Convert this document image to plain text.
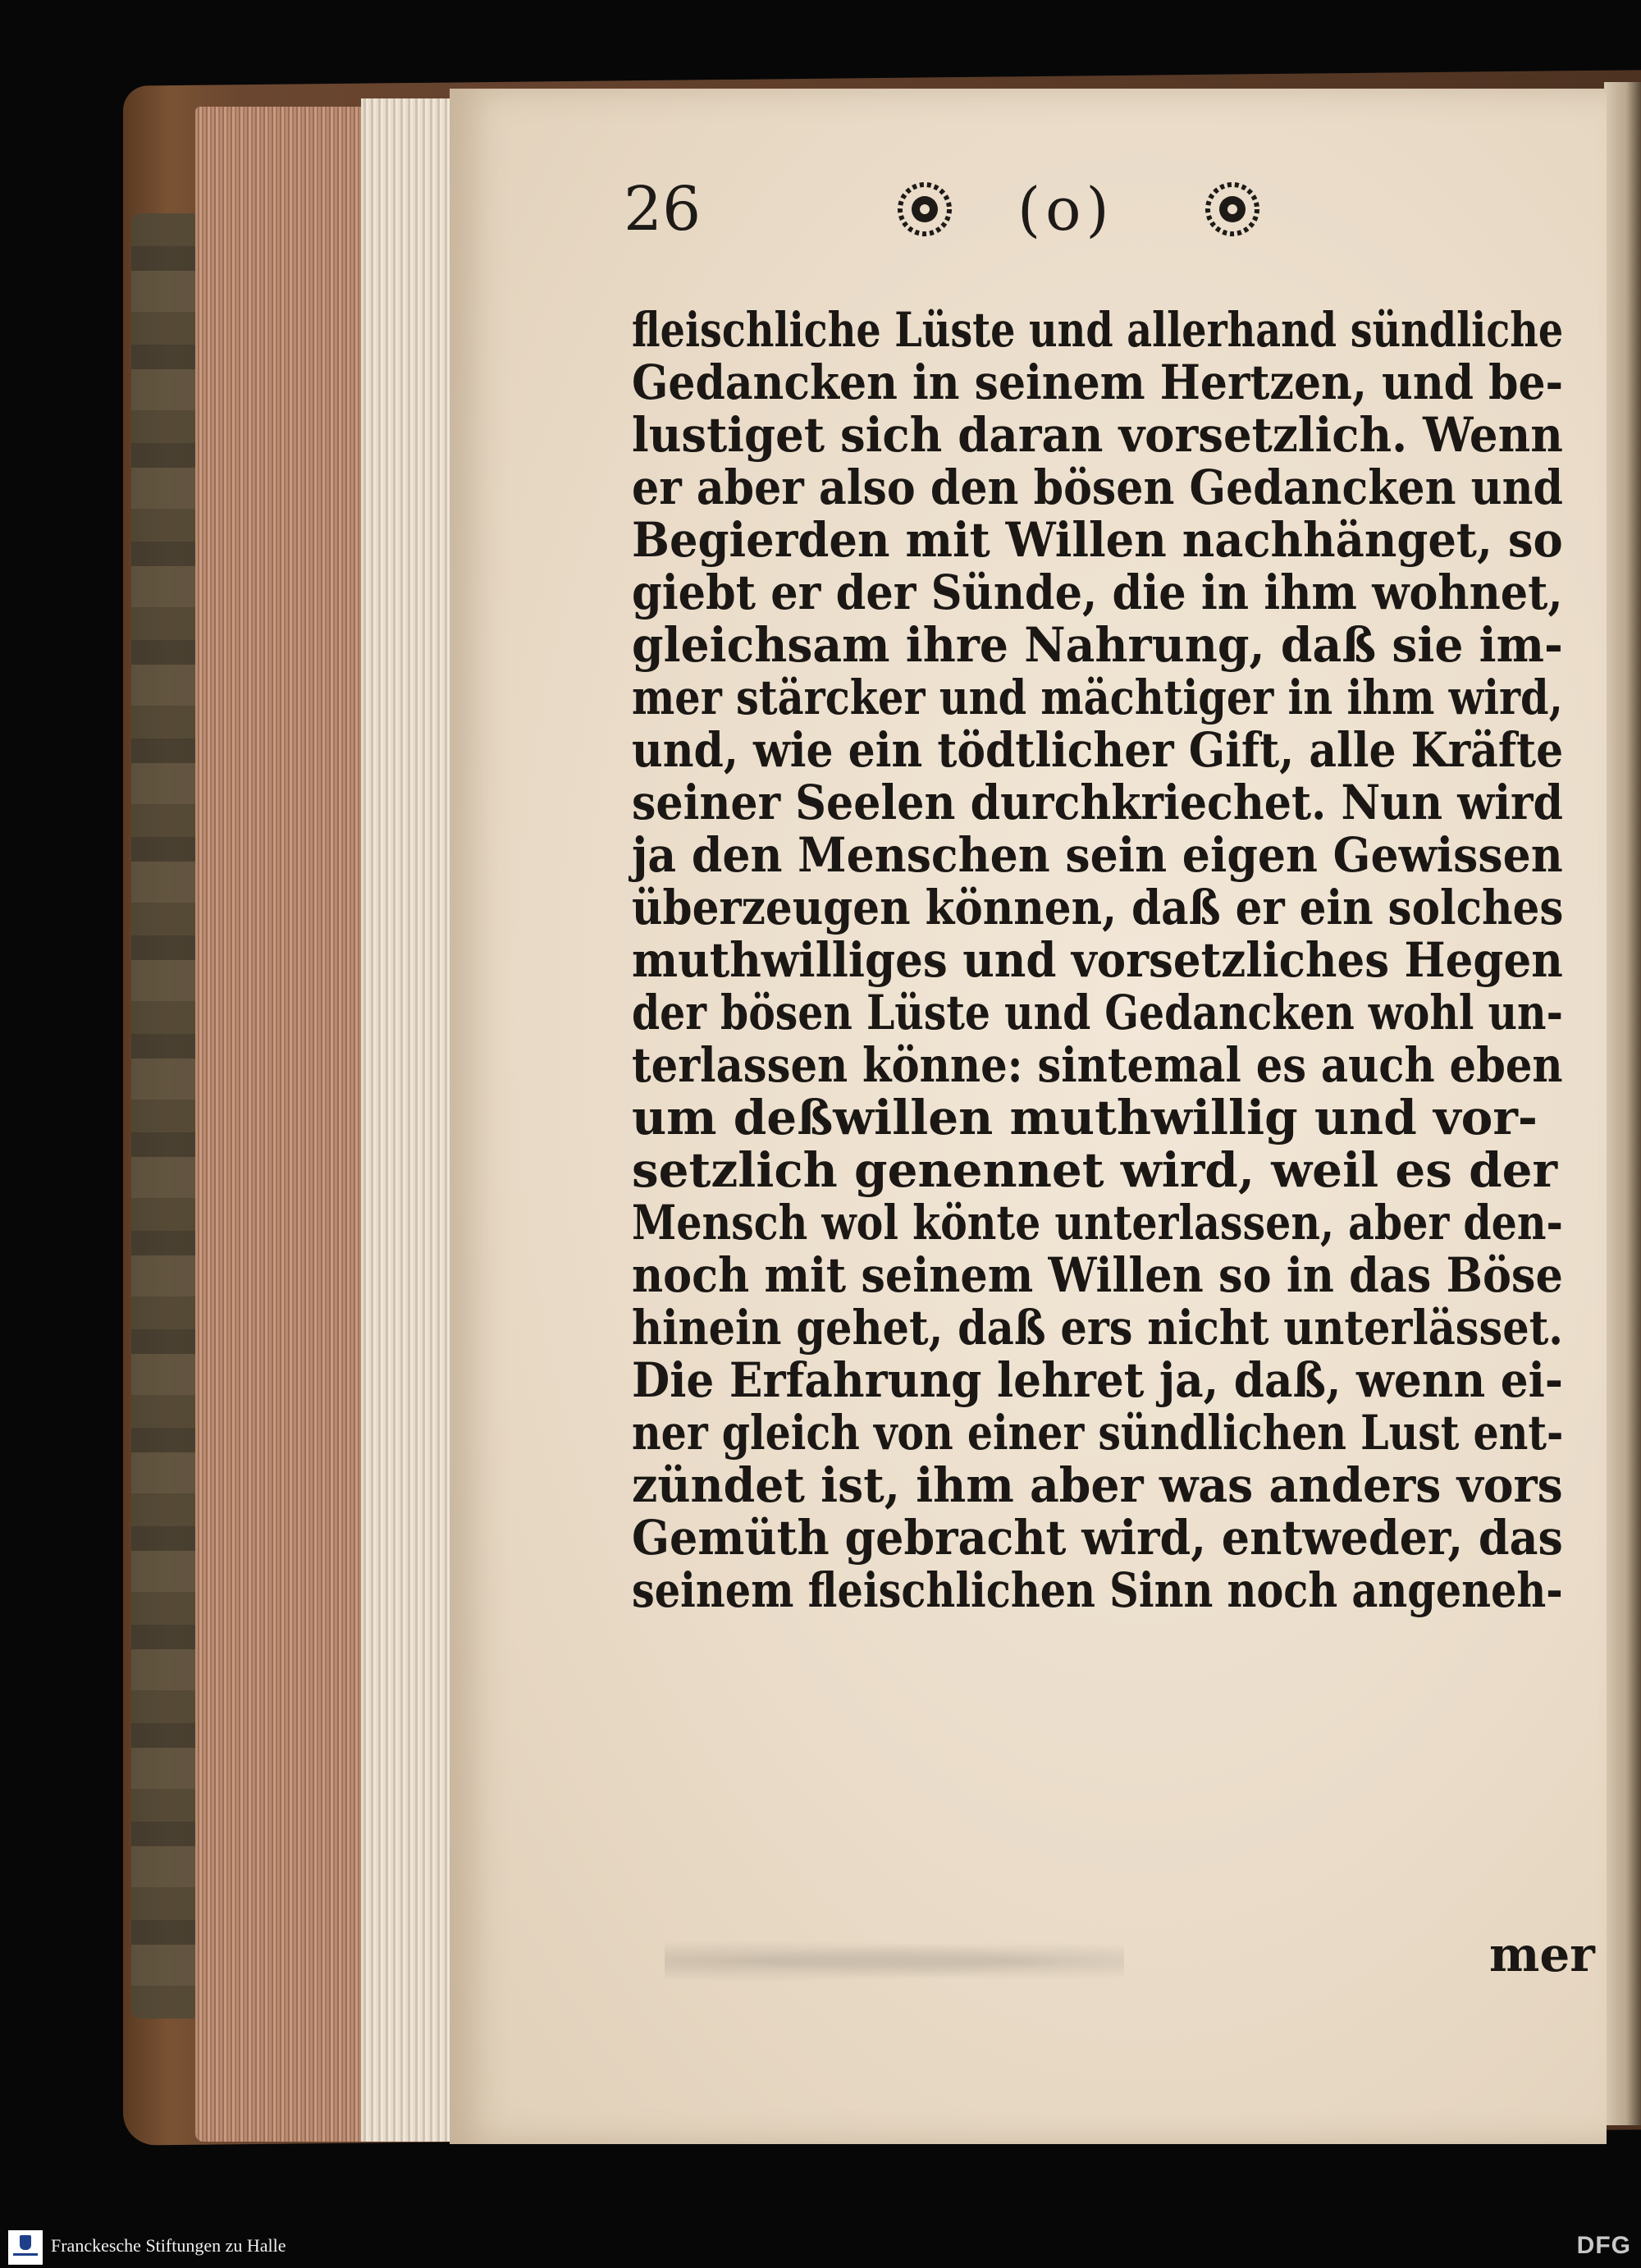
26	(o)
fleischliche Lüste und allerhand sündliche
Gedancken in seinem Hertzen, und be-
lustiget sich daran vorsetzlich. Wenn
er aber also den bösen Gedancken und
Begierden mit Willen nachhänget, so
giebt er der Sünde, die in ihm wohnet,
gleichsam ihre Nahrung, daß sie im-
mer stärcker und mächtiger in ihm wird,
und, wie ein tödtlicher Gift, alle Kräfte
seiner Seelen durchkriechet. Nun wird
ja den Menschen sein eigen Gewissen
überzeugen können, daß er ein solches
muthwilliges und vorsetzliches Hegen
der bösen Lüste und Gedancken wohl un-
terlassen könne: sintemal es auch eben
um deßwillen muthwillig und vor-
setzlich genennet wird, weil es der
Mensch wol könte unterlassen, aber den-
noch mit seinem Willen so in das Böse
hinein gehet, daß ers nicht unterlässet.
Die Erfahrung lehret ja, daß, wenn ei-
ner gleich von einer sündlichen Lust ent-
zündet ist, ihm aber was anders vors
Gemüth gebracht wird, entweder, das
seinem fleischlichen Sinn noch angeneh-
mer
Franckesche Stiftungen zu Halle	DFG
